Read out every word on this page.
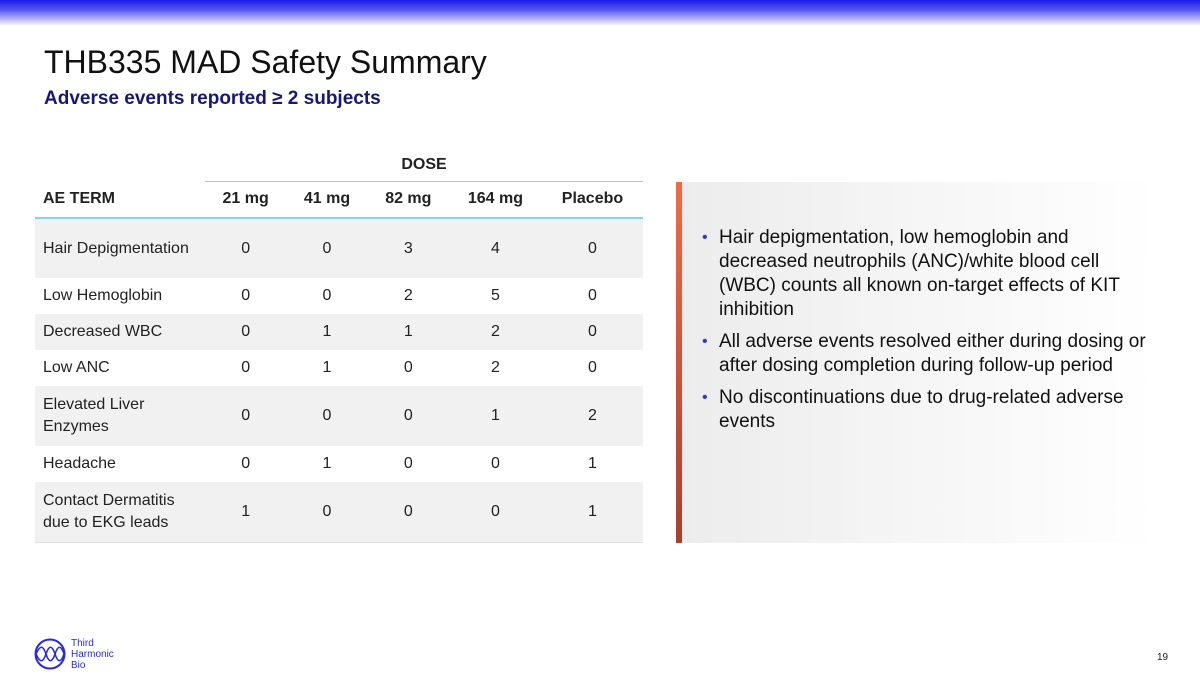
THB335 MAD Safety Summary
Adverse events reported ≥ 2 subjects
	DOSE				
AE TERM	21 mg	41 mg	82 mg	164 mg	Placebo
Hair Depigmentation	0	0	3	4	0
Low Hemoglobin	0	0	2	5	0
Decreased WBC	0	1	1	2	0
Low ANC	0	1	0	2	0
Elevated Liver Enzymes	0	0	0	1	2
Headache	0	1	0	0	1
Contact Dermatitis due to EKG leads	1	0	0	0	1
• Hair depigmentation, low hemoglobin and decreased neutrophils (ANC)/white blood cell (WBC) counts all known on-target effects of KIT inhibition
• All adverse events resolved either during dosing or after dosing completion during follow-up period
• No discontinuations due to drug-related adverse events
Third
Harmonic
Bio
19
